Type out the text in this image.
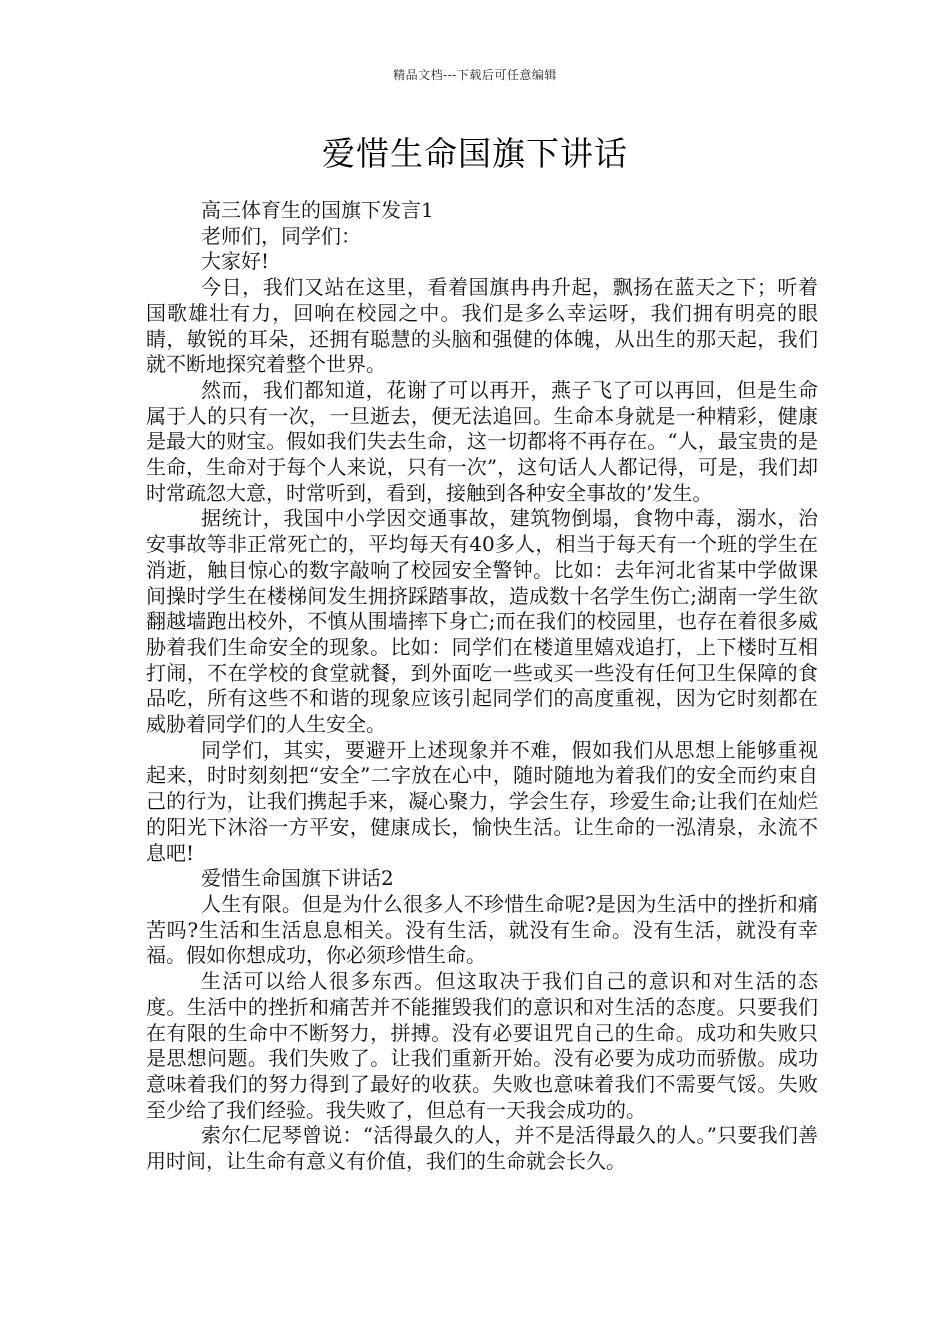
精品文档---下载后可任意编辑
爱惜生命国旗下讲话

高三体育生的国旗下发言1

老师们，同学们：

大家好!

今日，我们又站在这里，看着国旗冉冉升起，飘扬在蓝天之下；听着国歌雄壮有力，回响在校园之中。我们是多么幸运呀，我们拥有明亮的眼睛，敏锐的耳朵，还拥有聪慧的头脑和强健的体魄，从出生的那天起，我们就不断地探究着整个世界。

然而，我们都知道，花谢了可以再开，燕子飞了可以再回，但是生命属于人的只有一次，一旦逝去，便无法追回。生命本身就是一种精彩，健康是最大的财宝。假如我们失去生命，这一切都将不再存在。“人，最宝贵的是生命，生命对于每个人来说，只有一次”，这句话人人都记得，可是，我们却时常疏忽大意，时常听到，看到，接触到各种安全事故的’发生。

据统计，我国中小学因交通事故，建筑物倒塌，食物中毒，溺水，治安事故等非正常死亡的，平均每天有40多人，相当于每天有一个班的学生在消逝，触目惊心的数字敲响了校园安全警钟。比如：去年河北省某中学做课间操时学生在楼梯间发生拥挤踩踏事故，造成数十名学生伤亡;湖南一学生欲翻越墙跑出校外，不慎从围墙摔下身亡;而在我们的校园里，也存在着很多威胁着我们生命安全的现象。比如：同学们在楼道里嬉戏追打，上下楼时互相打闹，不在学校的食堂就餐，到外面吃一些或买一些没有任何卫生保障的食品吃，所有这些不和谐的现象应该引起同学们的高度重视，因为它时刻都在威胁着同学们的人生安全。

同学们，其实，要避开上述现象并不难，假如我们从思想上能够重视起来，时时刻刻把“安全”二字放在心中，随时随地为着我们的安全而约束自己的行为，让我们携起手来，凝心聚力，学会生存，珍爱生命;让我们在灿烂的阳光下沐浴一方平安，健康成长，愉快生活。让生命的一泓清泉，永流不息吧!

爱惜生命国旗下讲话2

人生有限。但是为什么很多人不珍惜生命呢?是因为生活中的挫折和痛苦吗?生活和生活息息相关。没有生活，就没有生命。没有生活，就没有幸福。假如你想成功，你必须珍惜生命。

生活可以给人很多东西。但这取决于我们自己的意识和对生活的态度。生活中的挫折和痛苦并不能摧毁我们的意识和对生活的态度。只要我们在有限的生命中不断努力，拼搏。没有必要诅咒自己的生命。成功和失败只是思想问题。我们失败了。让我们重新开始。没有必要为成功而骄傲。成功意味着我们的努力得到了最好的收获。失败也意味着我们不需要气馁。失败至少给了我们经验。我失败了，但总有一天我会成功的。

索尔仁尼琴曾说：“活得最久的人，并不是活得最久的人。”只要我们善用时间，让生命有意义有价值，我们的生命就会长久。
